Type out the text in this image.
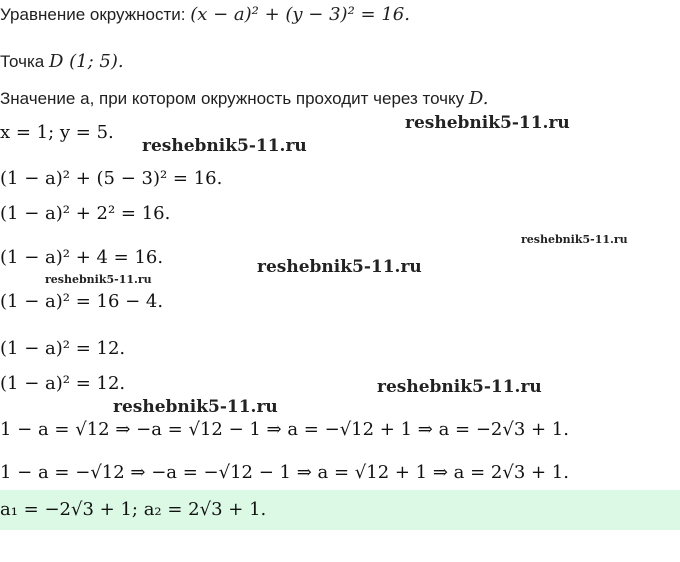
Уравнение окружности: (x − a)² + (y − 3)² = 16.
Точка D (1; 5).
Значение a, при котором окружность проходит через точку D.
x = 1; y = 5.
(1 − a)² + (5 − 3)² = 16.
(1 − a)² + 2² = 16.
(1 − a)² + 4 = 16.
(1 − a)² = 16 − 4.
(1 − a)² = 12.
(1 − a)² = 12.
1 − a = √12 ⇒ −a = √12 − 1 ⇒ a = −√12 + 1 ⇒ a = −2√3 + 1.
1 − a = −√12 ⇒ −a = −√12 − 1 ⇒ a = √12 + 1 ⇒ a = 2√3 + 1.
a₁ = −2√3 + 1; a₂ = 2√3 + 1.
reshebnik5-11.ru
reshebnik5-11.ru
reshebnik5-11.ru
reshebnik5-11.ru
reshebnik5-11.ru
reshebnik5-11.ru
reshebnik5-11.ru
